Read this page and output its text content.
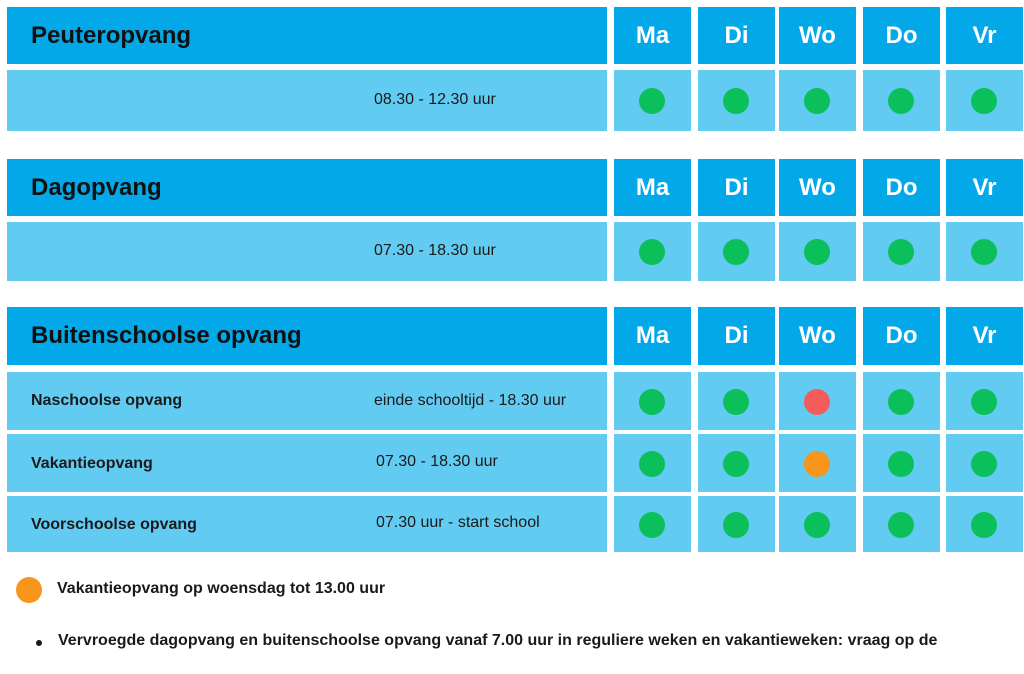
Peuteropvang	Ma	Di	Wo	Do	Vr
08.30 - 12.30 uur
Dagopvang	Ma	Di	Wo	Do	Vr
07.30 - 18.30 uur
Buitenschoolse opvang	Ma	Di	Wo	Do	Vr
Naschoolse opvang	einde schooltijd - 18.30 uur
Vakantieopvang	07.30 - 18.30 uur
Voorschoolse opvang	07.30 uur - start school
Vakantieopvang op woensdag tot 13.00 uur
Vervroegde dagopvang en buitenschoolse opvang vanaf 7.00 uur in reguliere weken en vakantieweken: vraag op de
